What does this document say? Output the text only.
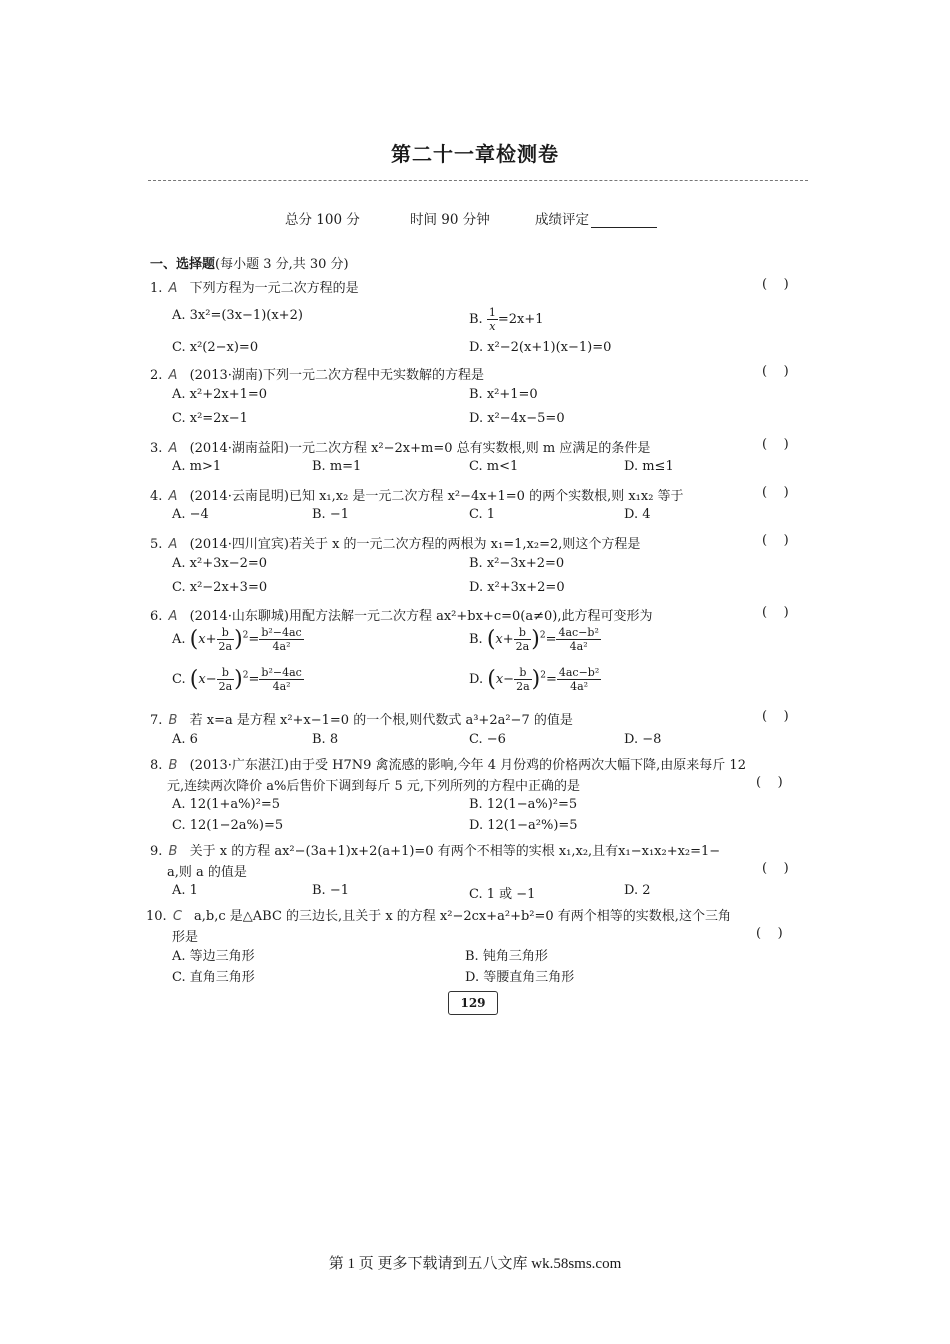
第二十一章检测卷
总分 100 分	时间 90 分钟	成绩评定
一、选择题(每小题 3 分,共 30 分)
1. A 下列方程为一元二次方程的是	(    )
A. 3x²=(3x−1)(x+2)	B. $\frac{1}{x} =2x+1$
C. x²(2−x)=0	D. x²−2(x+1)(x−1)=0
2. A (2013·湖南)下列一元二次方程中无实数解的方程是	(    )
A. x²+2x+1=0	B. x²+1=0
C. x²=2x−1	D. x²−4x−5=0
3. A (2014·湖南益阳)一元二次方程 x²−2x+m=0 总有实数根,则 m 应满足的条件是	(    )
A. m>1	B. m=1	C. m<1	D. m≤1
4. A (2014·云南昆明)已知 x₁,x₂ 是一元二次方程 x²−4x+1=0 的两个实数根,则 x₁x₂ 等于	(    )
A. −4	B. −1	C. 1	D. 4
5. A (2014·四川宜宾)若关于 x 的一元二次方程的两根为 x₁=1,x₂=2,则这个方程是	(    )
A. x²+3x−2=0	B. x²−3x+2=0
C. x²−2x+3=0	D. x²+3x+2=0
6. A (2014·山东聊城)用配方法解一元二次方程 ax²+bx+c=0(a≠0),此方程可变形为	(    )
A. $(x+ \frac{b}{2a} )^2= \frac{\text{b²−4ac}}{\text{4a²}}$	B. $(x+ \frac{b}{2a} )^2= \frac{\text{4ac−b²}}{\text{4a²}}$
C. $(x- \frac{b}{2a} )^2= \frac{\text{b²−4ac}}{\text{4a²}}$	D. $(x- \frac{b}{2a} )^2= \frac{\text{4ac−b²}}{\text{4a²}}$
7. B 若 x=a 是方程 x²+x−1=0 的一个根,则代数式 a³+2a²−7 的值是	(    )
A. 6	B. 8	C. −6	D. −8
8. B (2013·广东湛江)由于受 H7N9 禽流感的影响,今年 4 月份鸡的价格两次大幅下降,由原来每斤 12
元,连续两次降价 a%后售价下调到每斤 5 元,下列所列的方程中正确的是	(    )
A. 12(1+a%)²=5	B. 12(1−a%)²=5
C. 12(1−2a%)=5	D. 12(1−a²%)=5
9. B 关于 x 的方程 ax²−(3a+1)x+2(a+1)=0 有两个不相等的实根 x₁,x₂,且有x₁−x₁x₂+x₂=1−
a,则 a 的值是	(    )
A. 1	B. −1	C. 1 或 −1	D. 2
10. C a,b,c 是△ABC 的三边长,且关于 x 的方程 x²−2cx+a²+b²=0 有两个相等的实数根,这个三角
形是	(    )
A. 等边三角形	B. 钝角三角形
C. 直角三角形	D. 等腰直角三角形
129
第 1 页 更多下载请到五八文库 wk.58sms.com
